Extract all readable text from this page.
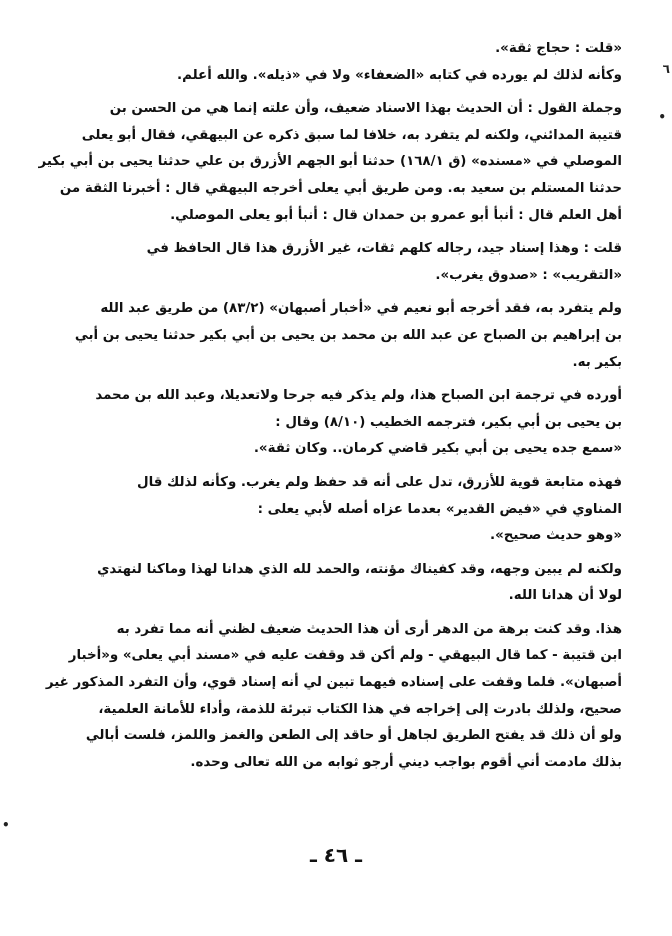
٦
•
•

«قلت : حجاج ثقة».
وكأنه لذلك لم يورده في كتابه «الضعفاء» ولا في «ذيله». والله أعلم.

وجملة القول : أن الحديث بهذا الاسناد ضعيف، وأن علته إنما هي من الحسن بن
قتيبة المدائني، ولكنه لم يتفرد به، خلافا لما سبق ذكره عن البيهقي، فقال أبو يعلى
الموصلي في «مسنده» (ق ١٦٨/١) حدثنا أبو الجهم الأزرق بن علي حدثنا يحيى بن أبي بكير
حدثنا المستلم بن سعيد به. ومن طريق أبي يعلى أخرجه البيهقي قال : أخبرنا الثقة من
أهل العلم قال : أنبأ أبو عمرو بن حمدان قال : أنبأ أبو يعلى الموصلي.

قلت : وهذا إسناد جيد، رجاله كلهم ثقات، غير الأزرق هذا قال الحافظ في
«التقريب» : «صدوق يغرب».

ولم يتفرد به، فقد أخرجه أبو نعيم في «أخبار أصبهان» (٨٣/٢) من طريق عبد الله
بن إبراهيم بن الصباح عن عبد الله بن محمد بن يحيى بن أبي بكير حدثنا يحيى بن أبي
بكير به.

أورده في ترجمة ابن الصباح هذا، ولم يذكر فيه جرحا ولاتعديلا، وعبد الله بن محمد
بن يحيى بن أبي بكير، فترجمه الخطيب (٨/١٠) وقال :
«سمع جده يحيى بن أبي بكير قاضي كرمان.. وكان ثقة».

فهذه متابعة قوية للأزرق، تدل على أنه قد حفظ ولم يغرب. وكأنه لذلك قال
المناوي في «فيض القدير» بعدما عزاه أصله لأبي يعلى :
«وهو حديث صحيح».

ولكنه لم يبين وجهه، وقد كفيناك مؤنته، والحمد لله الذي هدانا لهذا وماكنا لنهتدي
لولا أن هدانا الله.

هذا. وقد كنت برهة من الدهر أرى أن هذا الحديث ضعيف لظني أنه مما تفرد به
ابن قتيبة - كما قال البيهقي - ولم أكن قد وقفت عليه في «مسند أبي يعلى» و«أخبار
أصبهان». فلما وقفت على إسناده فيهما تبين لي أنه إسناد قوي، وأن التفرد المذكور غير
صحيح، ولذلك بادرت إلى إخراجه في هذا الكتاب تبرئة للذمة، وأداء للأمانة العلمية،
ولو أن ذلك قد يفتح الطريق لجاهل أو حاقد إلى الطعن والغمز واللمز، فلست أبالي
بذلك مادمت أني أقوم بواجب ديني أرجو ثوابه من الله تعالى وحده.

ـ ٤٦ ـ
